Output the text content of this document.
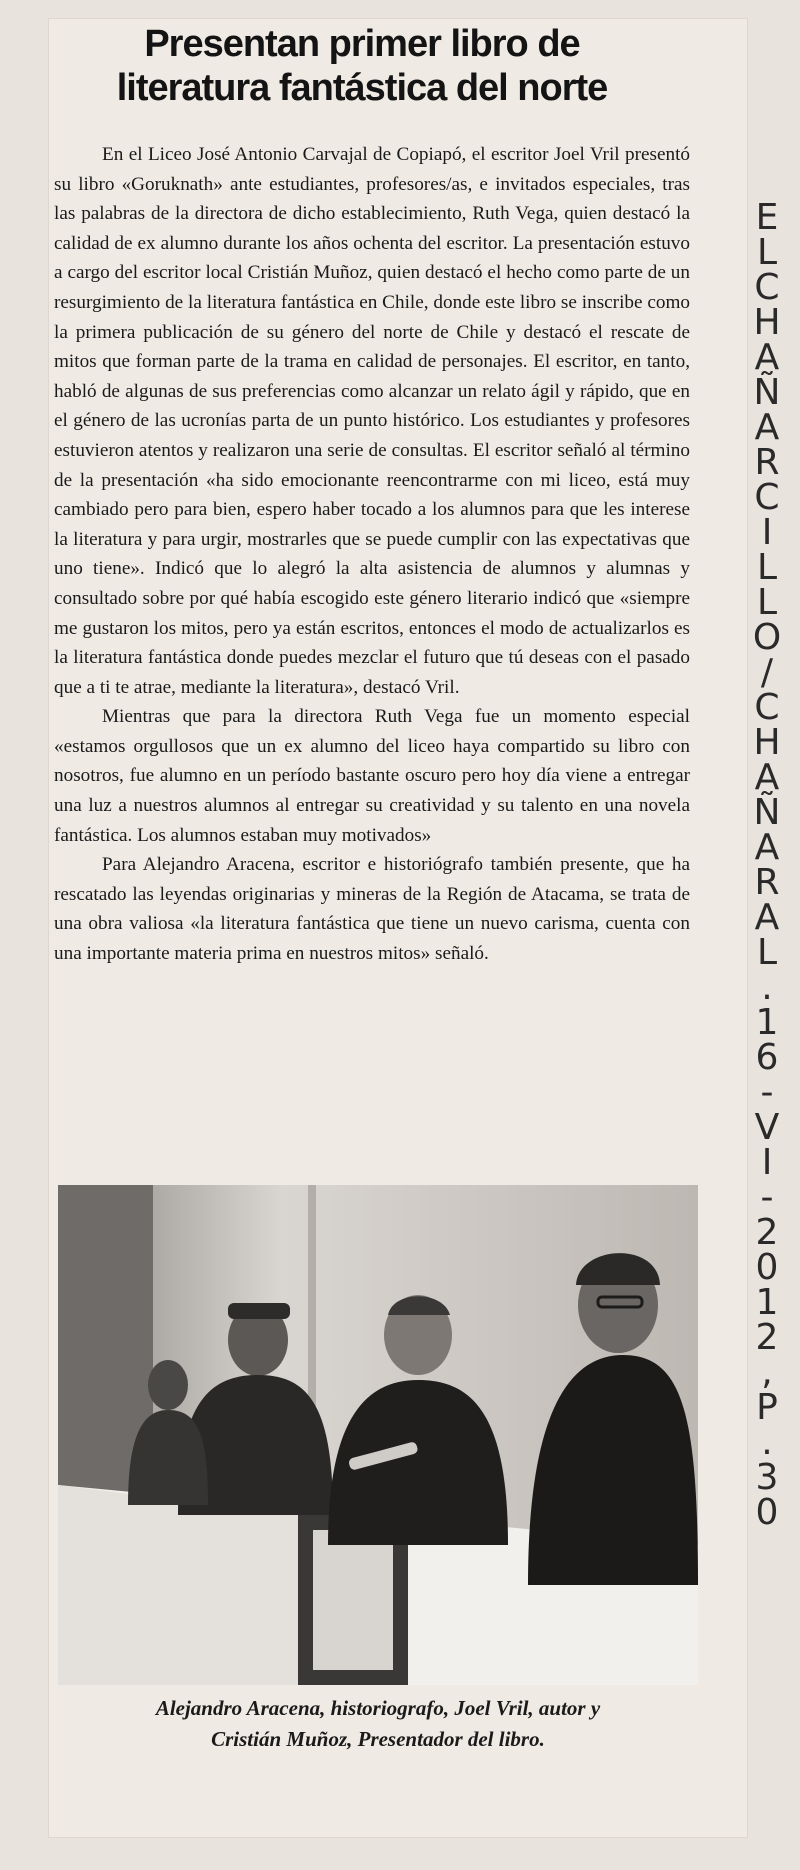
Presentan primer libro de
literatura fantástica del norte

En el Liceo José Antonio Carvajal de Copiapó, el escritor Joel Vril presentó su libro «Goruknath» ante estudiantes, profesores/as, e invitados especiales, tras las palabras de la directora de dicho establecimiento, Ruth Vega, quien destacó la calidad de ex alumno durante los años ochenta del escritor. La presentación estuvo a cargo del escritor local Cristián Muñoz, quien destacó el hecho como parte de un resurgimiento de la literatura fantástica en Chile, donde este libro se inscribe como la primera publicación de su género del norte de Chile y destacó el rescate de mitos que forman parte de la trama en calidad de personajes. El escritor, en tanto, habló de algunas de sus preferencias como alcanzar un relato ágil y rápido, que en el género de las ucronías parta de un punto histórico. Los estudiantes y profesores estuvieron atentos y realizaron una serie de consultas. El escritor señaló al término de la presentación «ha sido emocionante reencontrarme con mi liceo, está muy cambiado pero para bien, espero haber tocado a los alumnos para que les interese la literatura y para urgir, mostrarles que se puede cumplir con las expectativas que uno tiene». Indicó que lo alegró la alta asistencia de alumnos y alumnas y consultado sobre por qué había escogido este género literario indicó que «siempre me gustaron los mitos, pero ya están escritos, entonces el modo de actualizarlos es la literatura fantástica donde puedes mezclar el futuro que tú deseas con el pasado que a ti te atrae, mediante la literatura», destacó Vril.

Mientras que para la directora Ruth Vega fue un momento especial «estamos orgullosos que un ex alumno del liceo haya compartido su libro con nosotros, fue alumno en un período bastante oscuro pero hoy día viene a entregar una luz a nuestros alumnos al entregar su creatividad y su talento en una novela fantástica. Los alumnos estaban muy motivados»

Para Alejandro Aracena, escritor e historiógrafo también presente, que ha rescatado las leyendas originarias y mineras de la Región de Atacama, se trata de una obra valiosa «la literatura fantástica que tiene un nuevo carisma, cuenta con una importante materia prima en nuestros mitos» señaló.

Alejandro Aracena, historiografo, Joel Vril, autor y
Cristián Muñoz, Presentador del libro.
E
L
C
H
A
Ñ
A
R
C
I
L
L
O
/
C
H
A
Ñ
A
R
A
L
.
1
6
-
V
I
-
2
0
1
2
,
P
.
3
0
